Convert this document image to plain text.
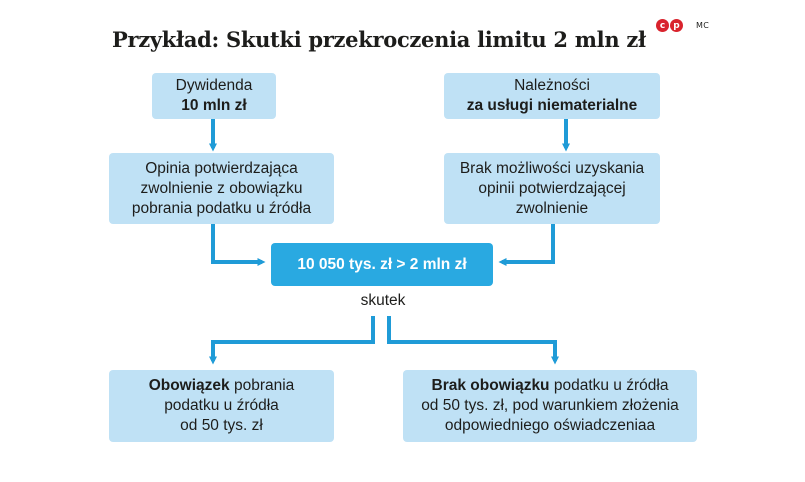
Przykład: Skutki przekroczenia limitu 2 mln zł
c p	MC
Dywidenda
10 mln zł
Należności
za usługi niematerialne
Opinia potwierdzająca
zwolnienie z obowiązku
pobrania podatku u źródła
Brak możliwości uzyskania
opinii potwierdzającej
zwolnienie
10 050 tys. zł > 2 mln zł
skutek
Obowiązek pobrania
podatku u źródła
od 50 tys. zł
Brak obowiązku podatku u źródła
od 50 tys. zł, pod warunkiem złożenia
odpowiedniego oświadczeniaa
